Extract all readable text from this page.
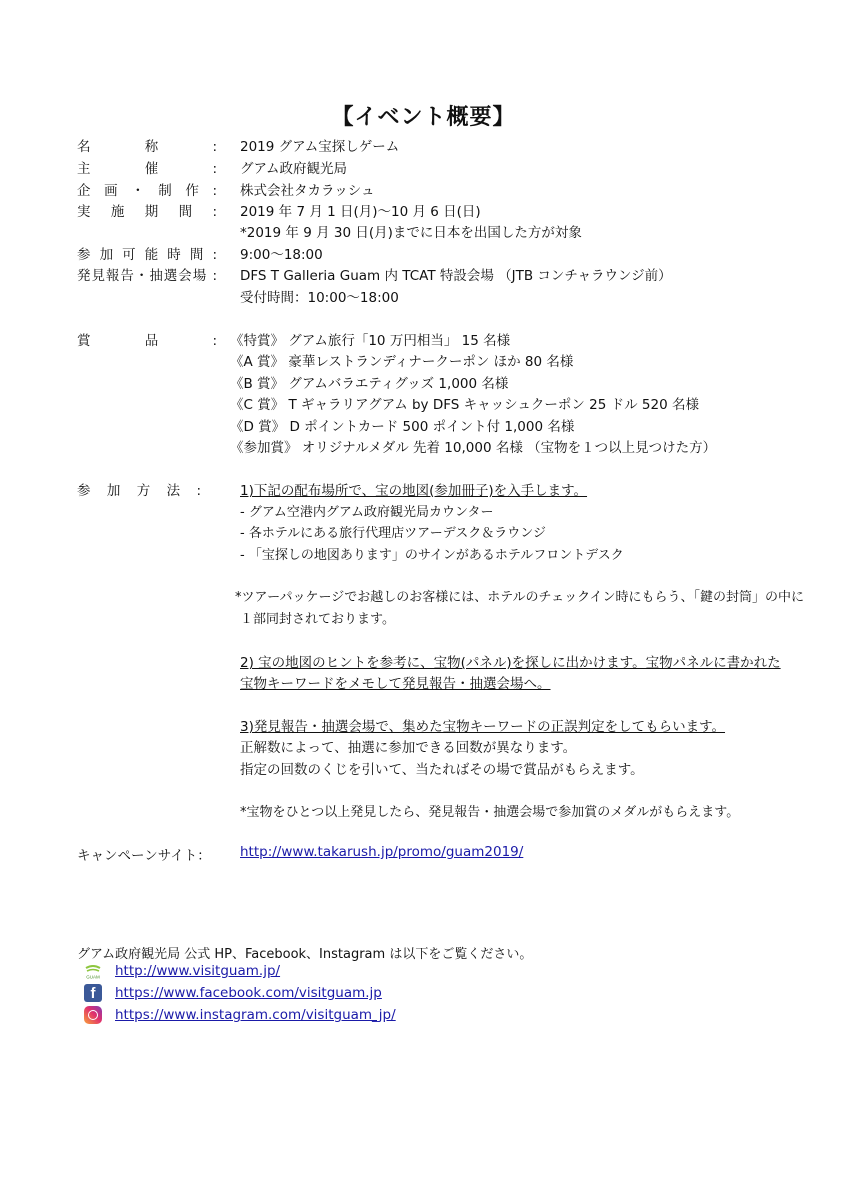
【イベント概要】
名 称 : 2019 グアム宝探しゲーム
主 催 : グアム政府観光局
企 画 ・ 制 作 : 株式会社タカラッシュ
実 施 期 間 : 2019 年 7 月 1 日(月)～10 月 6 日(日)
*2019 年 9 月 30 日(月)までに日本を出国した方が対象
参 加 可 能 時 間 : 9:00～18:00
発見報告・抽選会場 : DFS T Galleria Guam 内 TCAT 特設会場 （JTB コンチャラウンジ前）
受付時間：10:00～18:00
賞 品 : 《特賞》 グアム旅行「10 万円相当」 15 名様
《A 賞》 豪華レストランディナークーポン ほか 80 名様
《B 賞》 グアムバラエティグッズ 1,000 名様
《C 賞》 T ギャラリアグアム by DFS キャッシュクーポン 25 ドル 520 名様
《D 賞》 D ポイントカード 500 ポイント付 1,000 名様
《参加賞》 オリジナルメダル 先着 10,000 名様 （宝物を１つ以上見つけた方）
参 加 方 法 :	1)下記の配布場所で、宝の地図(参加冊子)を入手します。
- グアム空港内グアム政府観光局カウンター
- 各ホテルにある旅行代理店ツアーデスク＆ラウンジ
- 「宝探しの地図あります」のサインがあるホテルフロントデスク
*ツアーパッケージでお越しのお客様には、ホテルのチェックイン時にもらう、「鍵の封筒」の中に
１部同封されております。
2) 宝の地図のヒントを参考に、宝物(パネル)を探しに出かけます。宝物パネルに書かれた
宝物キーワードをメモして発見報告・抽選会場へ。
3)発見報告・抽選会場で、集めた宝物キーワードの正誤判定をしてもらいます。
正解数によって、抽選に参加できる回数が異なります。
指定の回数のくじを引いて、当たればその場で賞品がもらえます。
*宝物をひとつ以上発見したら、発見報告・抽選会場で参加賞のメダルがもらえます。
キャンペーンサイト：	http://www.takarush.jp/promo/guam2019/
グアム政府観光局 公式 HP、Facebook、Instagram は以下をご覧ください。
GUAM http://www.visitguam.jp/
f	https://www.facebook.com/visitguam.jp
https://www.instagram.com/visitguam_jp/
